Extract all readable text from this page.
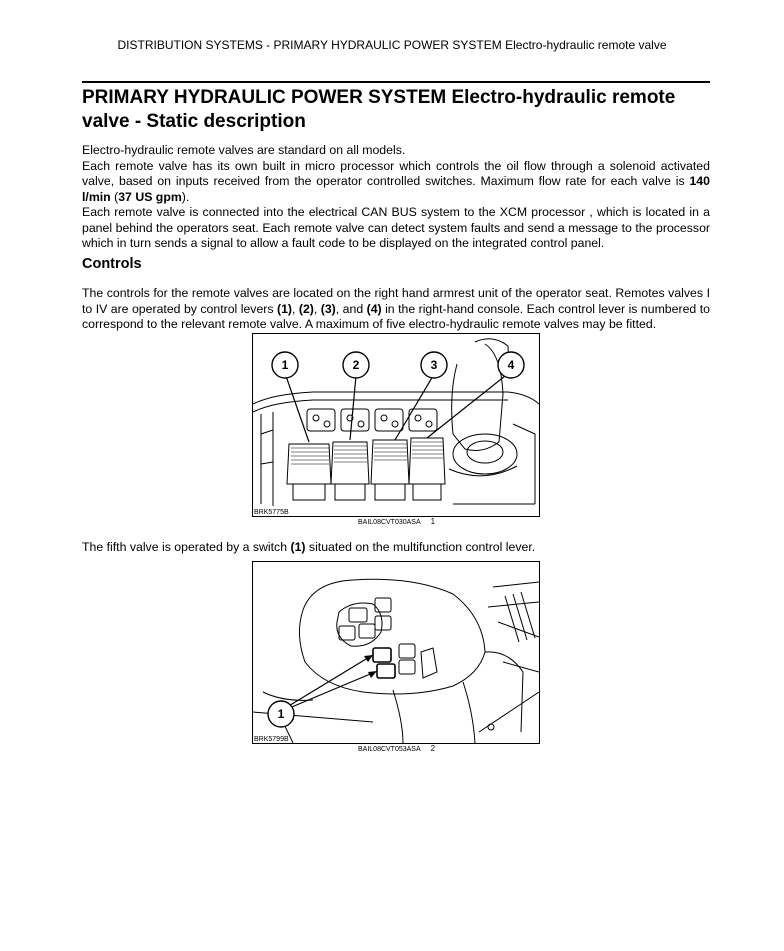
DISTRIBUTION SYSTEMS - PRIMARY HYDRAULIC POWER SYSTEM Electro-hydraulic remote valve
PRIMARY HYDRAULIC POWER SYSTEM Electro-hydraulic remote valve - Static description

Electro-hydraulic remote valves are standard on all models.
Each remote valve has its own built in micro processor which controls the oil flow through a solenoid activated valve, based on inputs received from the operator controlled switches. Maximum flow rate for each valve is 140 l/min (37 US gpm).
Each remote valve is connected into the electrical CAN BUS system to the XCM processor , which is located in a panel behind the operators seat. Each remote valve can detect system faults and send a message to the processor which in turn sends a signal to allow a fault code to be displayed on the integrated control panel.

Controls

The controls for the remote valves are located on the right hand armrest unit of the operator seat. Remotes valves I to IV are operated by control levers (1), (2), (3), and (4) in the right-hand console. Each control lever is numbered to correspond to the relevant remote valve. A maximum of five electro-hydraulic remote valves may be fitted.

1	2	3	4
BRK5775B
BAIL08CVT030ASA 1

The fifth valve is operated by a switch (1) situated on the multifunction control lever.

1
BRK5799B
BAIL08CVT053ASA 2
